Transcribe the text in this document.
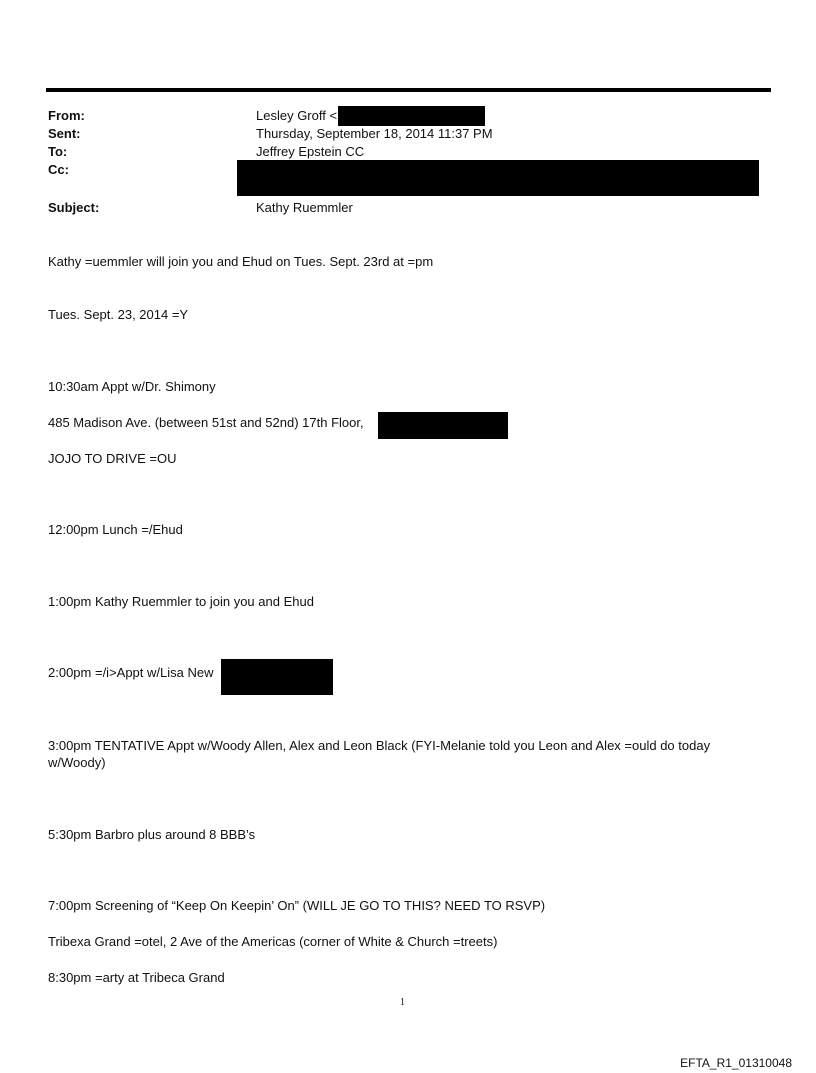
From:	Lesley Groff <
Sent:	Thursday, September 18, 2014 11:37 PM
To:	Jeffrey Epstein CC
Cc:
Subject:	Kathy Ruemmler
Kathy =uemmler will join you and Ehud on Tues. Sept. 23rd at =pm
Tues. Sept. 23, 2014 =Y
10:30am Appt w/Dr. Shimony
485 Madison Ave. (between 51st and 52nd) 17th Floor,
JOJO TO DRIVE =OU
12:00pm Lunch =/Ehud
1:00pm Kathy Ruemmler to join you and Ehud
2:00pm =/i>Appt w/Lisa New
3:00pm TENTATIVE Appt w/Woody Allen, Alex and Leon Black (FYI-Melanie told you Leon and Alex =ould do today w/Woody)
5:30pm Barbro plus around 8 BBB’s
7:00pm Screening of “Keep On Keepin’ On” (WILL JE GO TO THIS? NEED TO RSVP)
Tribexa Grand =otel, 2 Ave of the Americas (corner of White & Church =treets)
8:30pm =arty at Tribeca Grand
1
EFTA_R1_01310048
